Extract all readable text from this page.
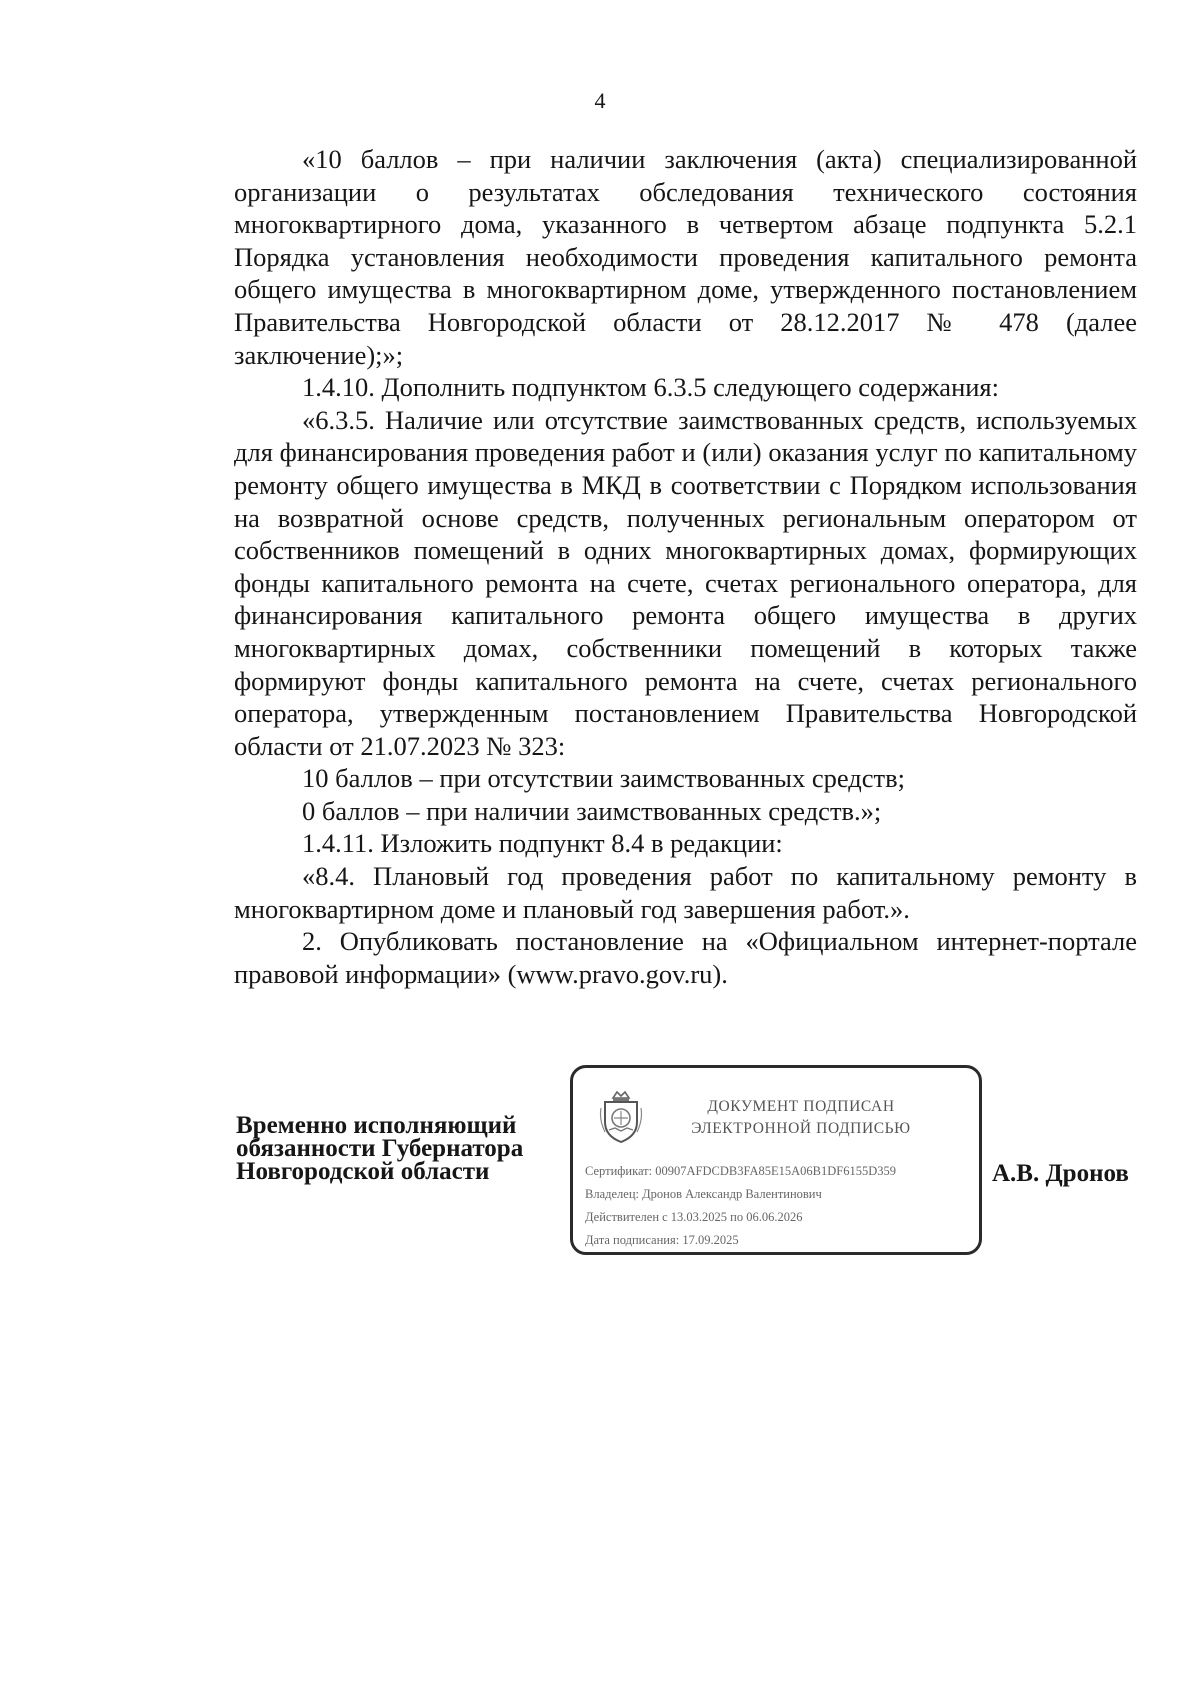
4

«10 баллов – при наличии заключения (акта) специализированной организации о результатах обследования технического состояния многоквартирного дома, указанного в четвертом абзаце подпункта 5.2.1 Порядка установления необходимости проведения капитального ремонта общего имущества в многоквартирном доме, утвержденного постановлением Правительства Новгородской области от 28.12.2017 № 478 (далее заключение);»;

1.4.10. Дополнить подпунктом 6.3.5 следующего содержания:

«6.3.5. Наличие или отсутствие заимствованных средств, используемых для финансирования проведения работ и (или) оказания услуг по капитальному ремонту общего имущества в МКД в соответствии с Порядком использования на возвратной основе средств, полученных региональным оператором от собственников помещений в одних многоквартирных домах, формирующих фонды капитального ремонта на счете, счетах регионального оператора, для финансирования капитального ремонта общего имущества в других многоквартирных домах, собственники помещений в которых также формируют фонды капитального ремонта на счете, счетах регионального оператора, утвержденным постановлением Правительства Новгородской области от 21.07.2023 № 323:

10 баллов – при отсутствии заимствованных средств;

0 баллов – при наличии заимствованных средств.»;

1.4.11. Изложить подпункт 8.4 в редакции:

«8.4. Плановый год проведения работ по капитальному ремонту в многоквартирном доме и плановый год завершения работ.».

2. Опубликовать постановление на «Официальном интернет-портале правовой информации» (www.pravo.gov.ru).

Временно исполняющий
обязанности Губернатора
Новгородской области
ДОКУМЕНТ ПОДПИСАН
ЭЛЕКТРОННОЙ ПОДПИСЬЮ
Сертификат: 00907AFDCDB3FA85E15A06B1DF6155D359
Владелец: Дронов Александр Валентинович
Действителен с 13.03.2025 по 06.06.2026
Дата подписания: 17.09.2025
А.В. Дронов
